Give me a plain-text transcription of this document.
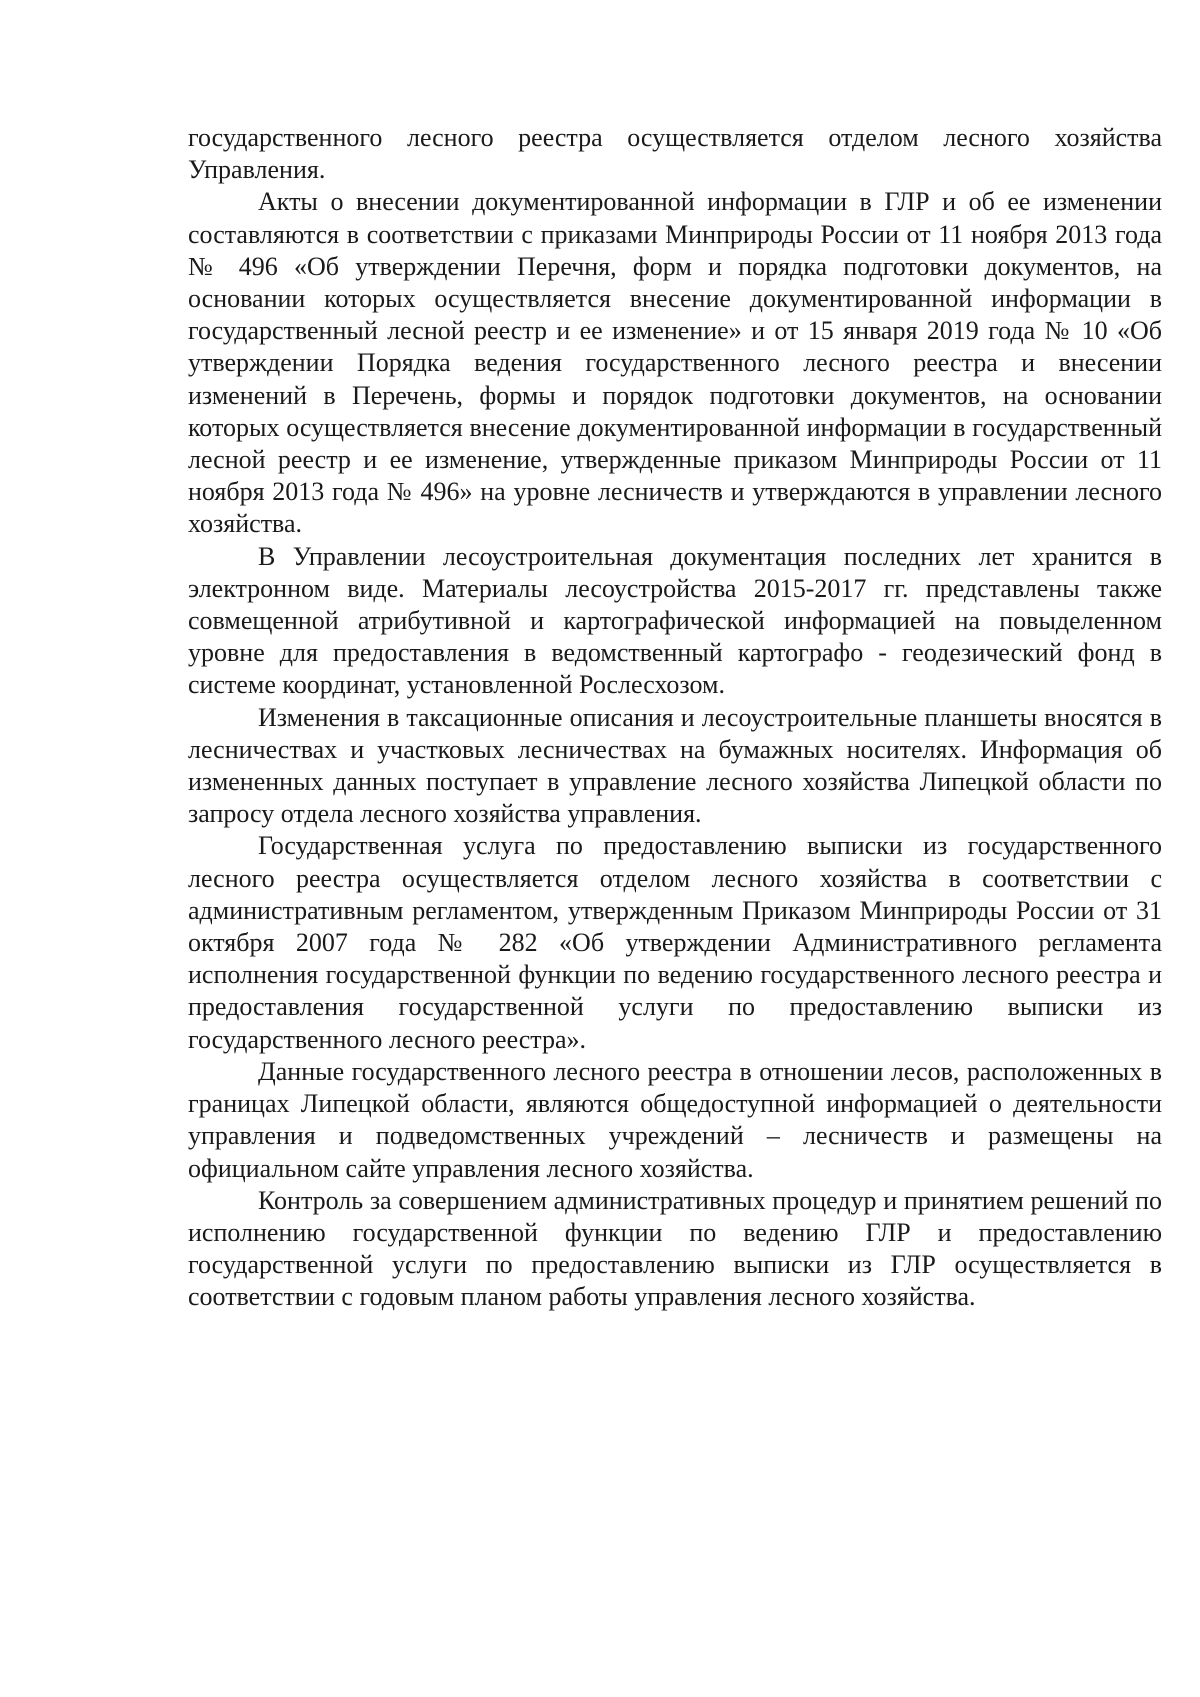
государственного лесного реестра осуществляется отделом лесного хозяйства Управления.

Акты о внесении документированной информации в ГЛР и об ее изменении составляются в соответствии с приказами Минприроды России от 11 ноября 2013 года № 496 «Об утверждении Перечня, форм и порядка подготовки документов, на основании которых осуществляется внесение документированной информации в государственный лесной реестр и ее изменение» и от 15 января 2019 года № 10 «Об утверждении Порядка ведения государственного лесного реестра и внесении изменений в Перечень, формы и порядок подготовки документов, на основании которых осуществляется внесение документированной информации в государственный лесной реестр и ее изменение, утвержденные приказом Минприроды России от 11 ноября 2013 года № 496» на уровне лесничеств и утверждаются в управлении лесного хозяйства.

В Управлении лесоустроительная документация последних лет хранится в электронном виде. Материалы лесоустройства 2015-2017 гг. представлены также совмещенной атрибутивной и картографической информацией на повыделенном уровне для предоставления в ведомственный картографо - геодезический фонд в системе координат, установленной Рослесхозом.

Изменения в таксационные описания и лесоустроительные планшеты вносятся в лесничествах и участковых лесничествах на бумажных носителях. Информация об измененных данных поступает в управление лесного хозяйства Липецкой области по запросу отдела лесного хозяйства управления.

Государственная услуга по предоставлению выписки из государственного лесного реестра осуществляется отделом лесного хозяйства в соответствии с административным регламентом, утвержденным Приказом Минприроды России от 31 октября 2007 года № 282 «Об утверждении Административного регламента исполнения государственной функции по ведению государственного лесного реестра и предоставления государственной услуги по предоставлению выписки из государственного лесного реестра».

Данные государственного лесного реестра в отношении лесов, расположенных в границах Липецкой области, являются общедоступной информацией о деятельности управления и подведомственных учреждений – лесничеств и размещены на официальном сайте управления лесного хозяйства.

Контроль за совершением административных процедур и принятием решений по исполнению государственной функции по ведению ГЛР и предоставлению государственной услуги по предоставлению выписки из ГЛР осуществляется в соответствии с годовым планом работы управления лесного хозяйства.
